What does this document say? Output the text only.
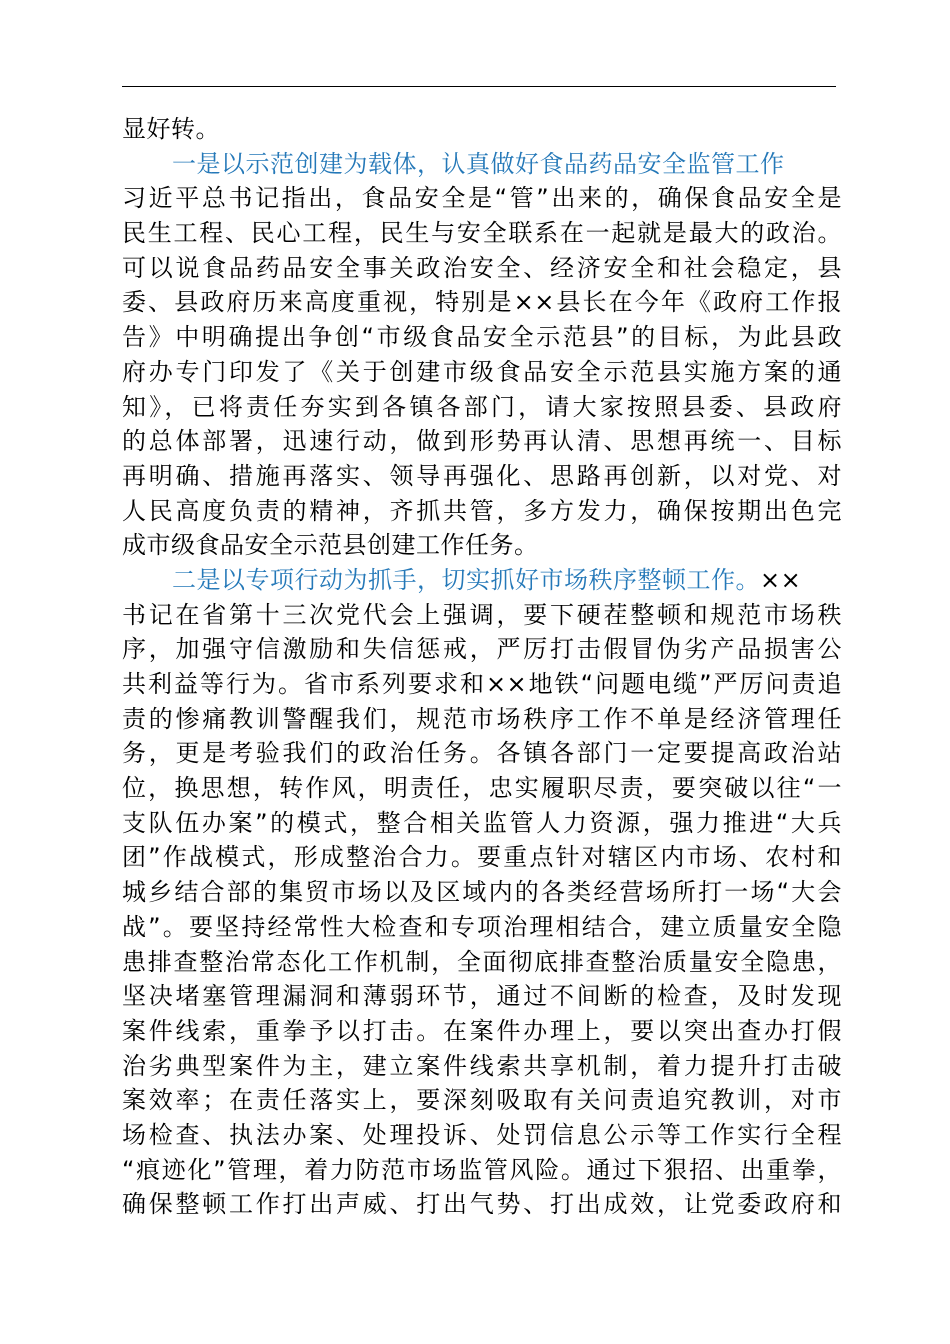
显好转。
一是以示范创建为载体，认真做好食品药品安全监管工作
习近平总书记指出，食品安全是“管”出来的，确保食品安全是
民生工程、民心工程，民生与安全联系在一起就是最大的政治。
可以说食品药品安全事关政治安全、经济安全和社会稳定，县
委、县政府历来高度重视，特别是××县长在今年《政府工作报
告》中明确提出争创“市级食品安全示范县”的目标，为此县政
府办专门印发了《关于创建市级食品安全示范县实施方案的通
知》，已将责任夯实到各镇各部门，请大家按照县委、县政府
的总体部署，迅速行动，做到形势再认清、思想再统一、目标
再明确、措施再落实、领导再强化、思路再创新，以对党、对
人民高度负责的精神，齐抓共管，多方发力，确保按期出色完
成市级食品安全示范县创建工作任务。
二是以专项行动为抓手，切实抓好市场秩序整顿工作。××
书记在省第十三次党代会上强调，要下硬茬整顿和规范市场秩
序，加强守信激励和失信惩戒，严厉打击假冒伪劣产品损害公
共利益等行为。省市系列要求和××地铁“问题电缆”严厉问责追
责的惨痛教训警醒我们，规范市场秩序工作不单是经济管理任
务，更是考验我们的政治任务。各镇各部门一定要提高政治站
位，换思想，转作风，明责任，忠实履职尽责，要突破以往“一
支队伍办案”的模式，整合相关监管人力资源，强力推进“大兵
团”作战模式，形成整治合力。要重点针对辖区内市场、农村和
城乡结合部的集贸市场以及区域内的各类经营场所打一场“大会
战”。要坚持经常性大检查和专项治理相结合，建立质量安全隐
患排查整治常态化工作机制，全面彻底排查整治质量安全隐患，
坚决堵塞管理漏洞和薄弱环节，通过不间断的检查，及时发现
案件线索，重拳予以打击。在案件办理上，要以突出查办打假
治劣典型案件为主，建立案件线索共享机制，着力提升打击破
案效率；在责任落实上，要深刻吸取有关问责追究教训，对市
场检查、执法办案、处理投诉、处罚信息公示等工作实行全程
“痕迹化”管理，着力防范市场监管风险。通过下狠招、出重拳，
确保整顿工作打出声威、打出气势、打出成效，让党委政府和
